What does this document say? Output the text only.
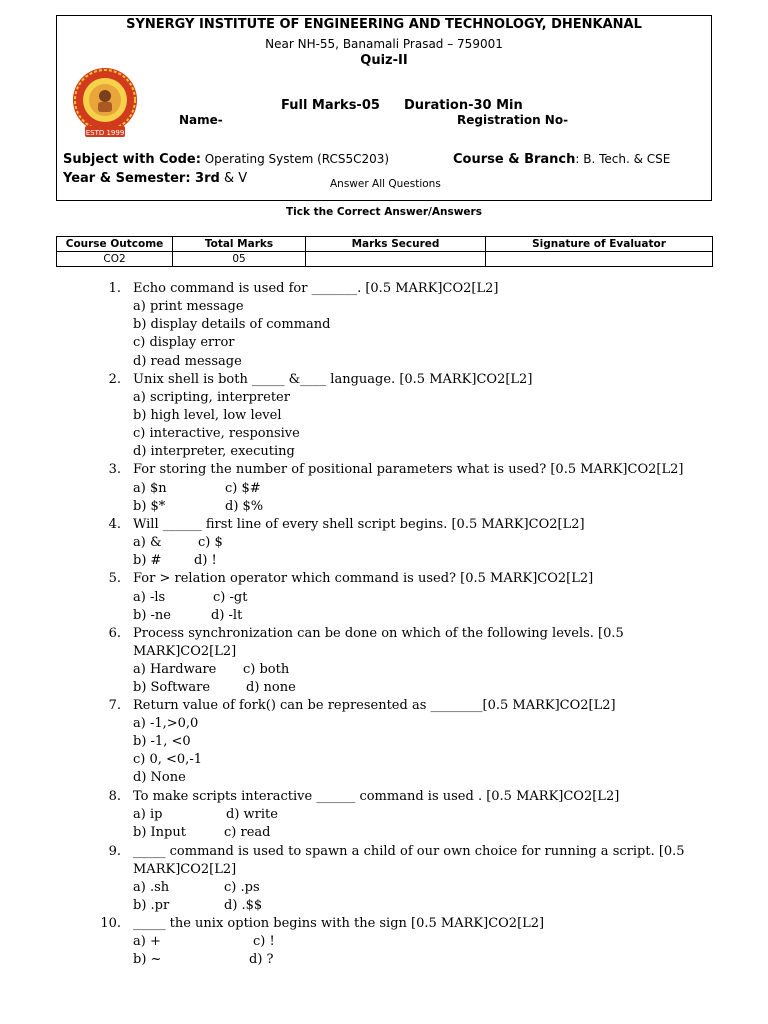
SYNERGY INSTITUTE OF ENGINEERING AND TECHNOLOGY, DHENKANAL
Near NH-55, Banamali Prasad – 759001
Quiz-II
ESTD 1999
Full Marks-05 Duration-30 Min
Name-	Registration No-
Subject with Code: Operating System (RCS5C203)	Course & Branch: B. Tech. & CSE
Year & Semester: 3rd & V	Answer All Questions
Tick the Correct Answer/Answers
Course Outcome	Total Marks	Marks Secured	Signature of Evaluator
CO2	05		
1. Echo command is used for _______. [0.5 MARK]CO2[L2]
a) print message
b) display details of command
c) display error
d) read message
2. Unix shell is both _____ &____ language. [0.5 MARK]CO2[L2]
a) scripting, interpreter
b) high level, low level
c) interactive, responsive
d) interpreter, executing
3. For storing the number of positional parameters what is used? [0.5 MARK]CO2[L2]
a) $n	c) $#
b) $*	d) $%
4. Will ______ first line of every shell script begins. [0.5 MARK]CO2[L2]
a) &	c) $
b) #	d) !
5. For > relation operator which command is used? [0.5 MARK]CO2[L2]
a) -ls	c) -gt
b) -ne	d) -lt
6. Process synchronization can be done on which of the following levels. [0.5
MARK]CO2[L2]
a) Hardware c) both
b) Software	d) none
7. Return value of fork() can be represented as ________[0.5 MARK]CO2[L2]
a) -1,>0,0
b) -1, <0
c) 0, <0,-1
d) None
8. To make scripts interactive ______ command is used . [0.5 MARK]CO2[L2]
a) ip	d) write
b) Input	c) read
9. _____ command is used to spawn a child of our own choice for running a script. [0.5
MARK]CO2[L2]
a) .sh	c) .ps
b) .pr	d) .$$
10. _____ the unix option begins with the sign [0.5 MARK]CO2[L2]
a) +	c) !
b) ~	d) ?
